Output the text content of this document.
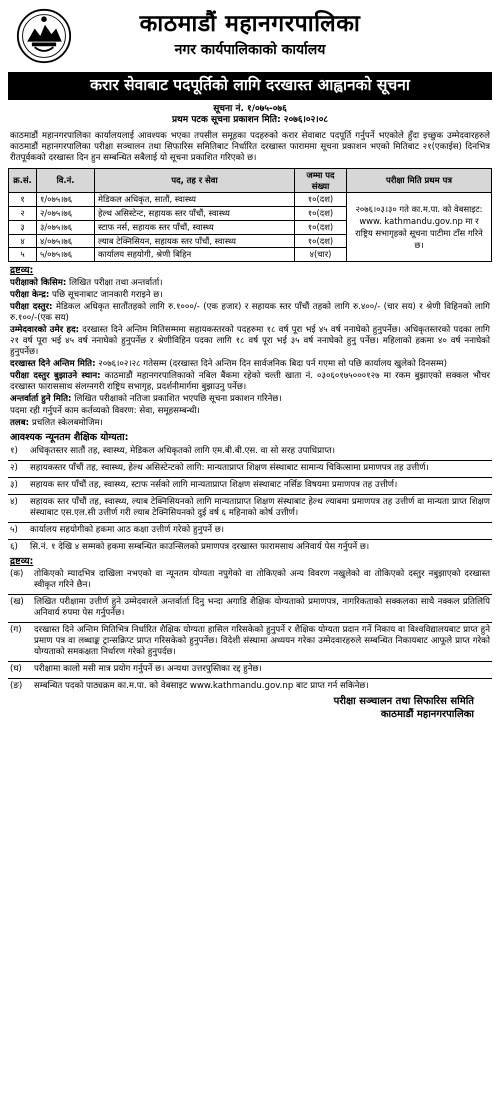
काठमाडौं महानगरपालिका
नगर कार्यपालिकाको कार्यालय
करार सेवाबाट पदपूर्तिको लागि दरखास्त आह्वानको सूचना
सूचना नं. १/०७५-०७६
प्रथम पटक सूचना प्रकाशन मिति: २०७६।०२।०८

काठमाडौं महानगरपालिका कार्यालयलाई आवश्यक भएका तपसील समूहका पदहरुको करार सेवाबाट पदपूर्ति गर्नुपर्ने भएकोले हुँदा इच्छुक उम्मेदवारहरुले काठमाडौं महानगरपालिका परीक्षा सञ्चालन तथा सिफारिस समितिबाट निर्धारित दरखास्त फाराममा सूचना प्रकाशन भएको मितिबाट २१(एकाईस) दिनभित्र रीतपूर्वकको दरखास्त दिन हुन सम्बन्धित सबैलाई यो सूचना प्रकाशित गरिएको छ।

क्र.सं.	वि.नं.	पद, तह र सेवा	जम्मा पद संख्या	परीक्षा मिति प्रथम पत्र
१	१/०७५।७६	मेडिकल अधिकृत, सातौं, स्वास्थ्य	१०(दश)	२०७६।०३।३० गते का.म.पा. को वेबसाइट: www. kathmandu.gov.np मा र राष्ट्रिय सभागृहको सूचना पाटीमा टाँस गरिने छ।
२	२/०७५।७६	हेल्थ असिस्टेन्ट, सहायक स्तर पाँचौं, स्वास्थ्य	१०(दश)	
३	३/०७५।७६	स्टाफ नर्स, सहायक स्तर पाँचौं, स्वास्थ्य	१०(दश)	
४	४/०७५।७६	ल्याब टेक्निसियन, सहायक स्तर पाँचौं, स्वास्थ्य	१०(दश)	
५	५/०७५।७६	कार्यालय सहयोगी, श्रेणी बिहिन	४(चार)	
द्रष्टव्य:

परीक्षाको किसिम: लिखित परीक्षा तथा अन्तर्वार्ता।

परीक्षा केन्द्र: पछि सूचनाबाट जानकारी गराइने छ।

परीक्षा दस्तुर: मेडिकल अधिकृत सातौंतहको लागि रु.१०००/- (एक हजार) र सहायक स्तर पाँचौं तहको लागि रु.४००/- (चार सय) र श्रेणी विहिनको लागि रु.१००/-(एक सय)

उम्मेदवारको उमेर हद: दरखास्त दिने अन्तिम मितिसम्ममा सहायकस्तरको पदहरुमा १८ वर्ष पूरा भई ४५ वर्ष ननाघेको हुनुपर्नेछ। अधिकृतस्तरको पदका लागि २१ वर्ष पूरा भई ४५ वर्ष ननाघेको हुनुपर्नेछ र श्रेणीविहिन पदका लागि १८ वर्ष पूरा भई ३५ वर्ष ननाघेको हुनु पर्नेछ। महिलाको हकमा ४० वर्ष ननाघेको हुनुपर्नेछ।

दरखास्त दिने अन्तिम मिति: २०७६।०२।२८ गतेसम्म (दरखास्त दिने अन्तिम दिन सार्वजनिक बिदा पर्न गएमा सो पछि कार्यालय खुलेको दिनसम्म)

परीक्षा दस्तुर बुझाउने स्थान: काठमाडौं महानगरपालिकाको नबिल बैंकमा रहेको चल्ती खाता नं. ०३०६०१७५०००१२७ मा रकम बुझाएको सक्कल भौचर दरखास्त फाराससाथ संलग्नगरी राष्ट्रिय सभागृह, प्रदर्शनीमार्गमा बुझाउनु पर्नेछ।

अन्तर्वार्ता हुने मिति: लिखित परीक्षाको नतिजा प्रकाशित भएपछि सूचना प्रकाशन गरिनेछ।

पदमा रही गर्नुपर्ने काम कर्तव्यको विवरण: सेवा, समूहसम्बन्धी।

तलब: प्रचलित स्केलबमोजिम।

आवश्यक न्यूनतम शैक्षिक योग्यता:
१)	अधिकृतस्तर सातौं तह, स्वास्थ्य, मेडिकल अधिकृतको लागि एम.बी.बी.एस. वा सो सरह उपाधिप्राप्त।
२)	सहायकस्तर पाँचौं तह, स्वास्थ्य, हेल्थ असिस्टेन्टको लागि: मान्यताप्राप्त शिक्षण संस्थाबाट सामान्य चिकित्सामा प्रमाणपत्र तह उत्तीर्ण।
३)	सहायक स्तर पाँचौं तह, स्वास्थ्य, स्टाफ नर्सको लागि मान्यताप्राप्त शिक्षण संस्थाबाट नर्सिङ विषयमा प्रमाणपत्र तह उत्तीर्ण।
४)	सहायक स्तर पाँचौं तह, स्वास्थ्य, ल्याब टेक्निसियनको लागि मान्यताप्राप्त शिक्षण संस्थाबाट हेल्थ ल्याबमा प्रमाणपत्र तह उत्तीर्ण वा मान्यता प्राप्त शिक्षण संस्थाबाट एस.एल.सी उत्तीर्ण गरी ल्याब टेक्निसियनको दुई वर्ष ६ महिनाको कोर्ष उत्तीर्ण।
५)	कार्यालय सहयोगीको हकमा आठ कक्षा उत्तीर्ण गरेको हुनुपर्ने छ।
६)	सि.नं. १ देखि ४ सम्मको हकमा सम्बन्धित काउन्सिलको प्रमाणपत्र दरखास्त फारामसाथ अनिवार्य पेस गर्नुपर्ने छ।
द्रष्टव्य:
(क)	तोकिएको म्यादभित्र दाखिला नभएको वा न्यूनतम योग्यता नपुगेको वा तोकिएको अन्य विवरण नखुलेको वा तोकिएको दस्तुर नबुझाएको दरखास्त स्वीकृत गरिने छैन।
(ख)	लिखित परीक्षामा उत्तीर्ण हुने उम्मेदवारले अन्तर्वार्ता दिनु भन्दा अगाडि शैक्षिक योग्यताको प्रमाणपत्र, नागरिकताको सक्कलका साथै नक्कल प्रतिलिपि अनिवार्य रुपमा पेस गर्नुपर्नेछ।
(ग)	दरखास्त दिने अन्तिम मितिभित्र निर्धारित शैक्षिक योग्यता हासिल गरिसकेको हुनुपर्ने र शैक्षिक योग्यता प्रदान गर्ने निकाय वा विश्वविद्यालयबाट प्राप्त हुने प्रमाण पत्र वा लब्धाङ्क ट्रान्सक्रिप्ट प्राप्त गरिसकेको हुनुपर्नेछ। विदेशी संस्थामा अध्ययन गरेका उम्मेदवारहरुले सम्बन्धित निकायबाट आफूले प्राप्त गरेको योग्यताको समकक्षता निर्धारण गरेको हुनुपर्दछ।
(घ)	परीक्षामा कालो मसी मात्र प्रयोग गर्नुपर्ने छ। अन्यथा उत्तरपुस्तिका रद्द हुनेछ।
(ङ)	सम्बन्धित पदको पाठ्यक्रम का.म.पा. को वेबसाइट www.kathmandu.gov.np बाट प्राप्त गर्न सकिनेछ।
परीक्षा सञ्चालन तथा सिफारिस समिति
काठमाडौं महानगरपालिका
